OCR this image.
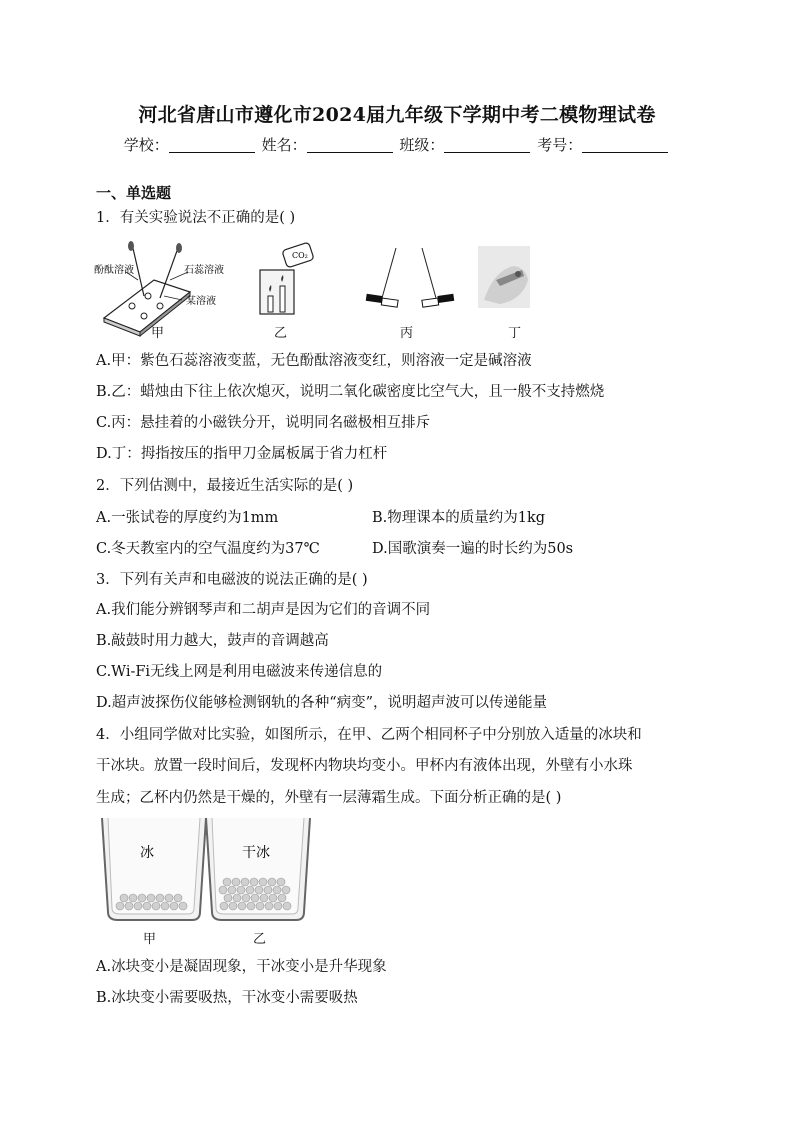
河北省唐山市遵化市2024届九年级下学期中考二模物理试卷
学校：	姓名：	班级：	考号：
一、单选题
1．有关实验说法不正确的是( )
酚酞溶液	石蕊溶液
某溶液
CO₂
甲	乙	丙	丁
A.甲：紫色石蕊溶液变蓝，无色酚酞溶液变红，则溶液一定是碱溶液
B.乙：蜡烛由下往上依次熄灭，说明二氧化碳密度比空气大，且一般不支持燃烧
C.丙：悬挂着的小磁铁分开，说明同名磁极相互排斥
D.丁：拇指按压的指甲刀金属板属于省力杠杆
2．下列估测中，最接近生活实际的是( )
A.一张试卷的厚度约为1mm	B.物理课本的质量约为1kg
C.冬天教室内的空气温度约为37℃	D.国歌演奏一遍的时长约为50s
3．下列有关声和电磁波的说法正确的是( )
A.我们能分辨钢琴声和二胡声是因为它们的音调不同
B.敲鼓时用力越大，鼓声的音调越高
C.Wi-Fi无线上网是利用电磁波来传递信息的
D.超声波探伤仪能够检测钢轨的各种“病变”，说明超声波可以传递能量
4．小组同学做对比实验，如图所示，在甲、乙两个相同杯子中分别放入适量的冰块和
干冰块。放置一段时间后，发现杯内物块均变小。甲杯内有液体出现，外壁有小水珠
生成；乙杯内仍然是干燥的，外壁有一层薄霜生成。下面分析正确的是( )
冰	干冰
甲	乙
A.冰块变小是凝固现象，干冰变小是升华现象
B.冰块变小需要吸热，干冰变小需要吸热
